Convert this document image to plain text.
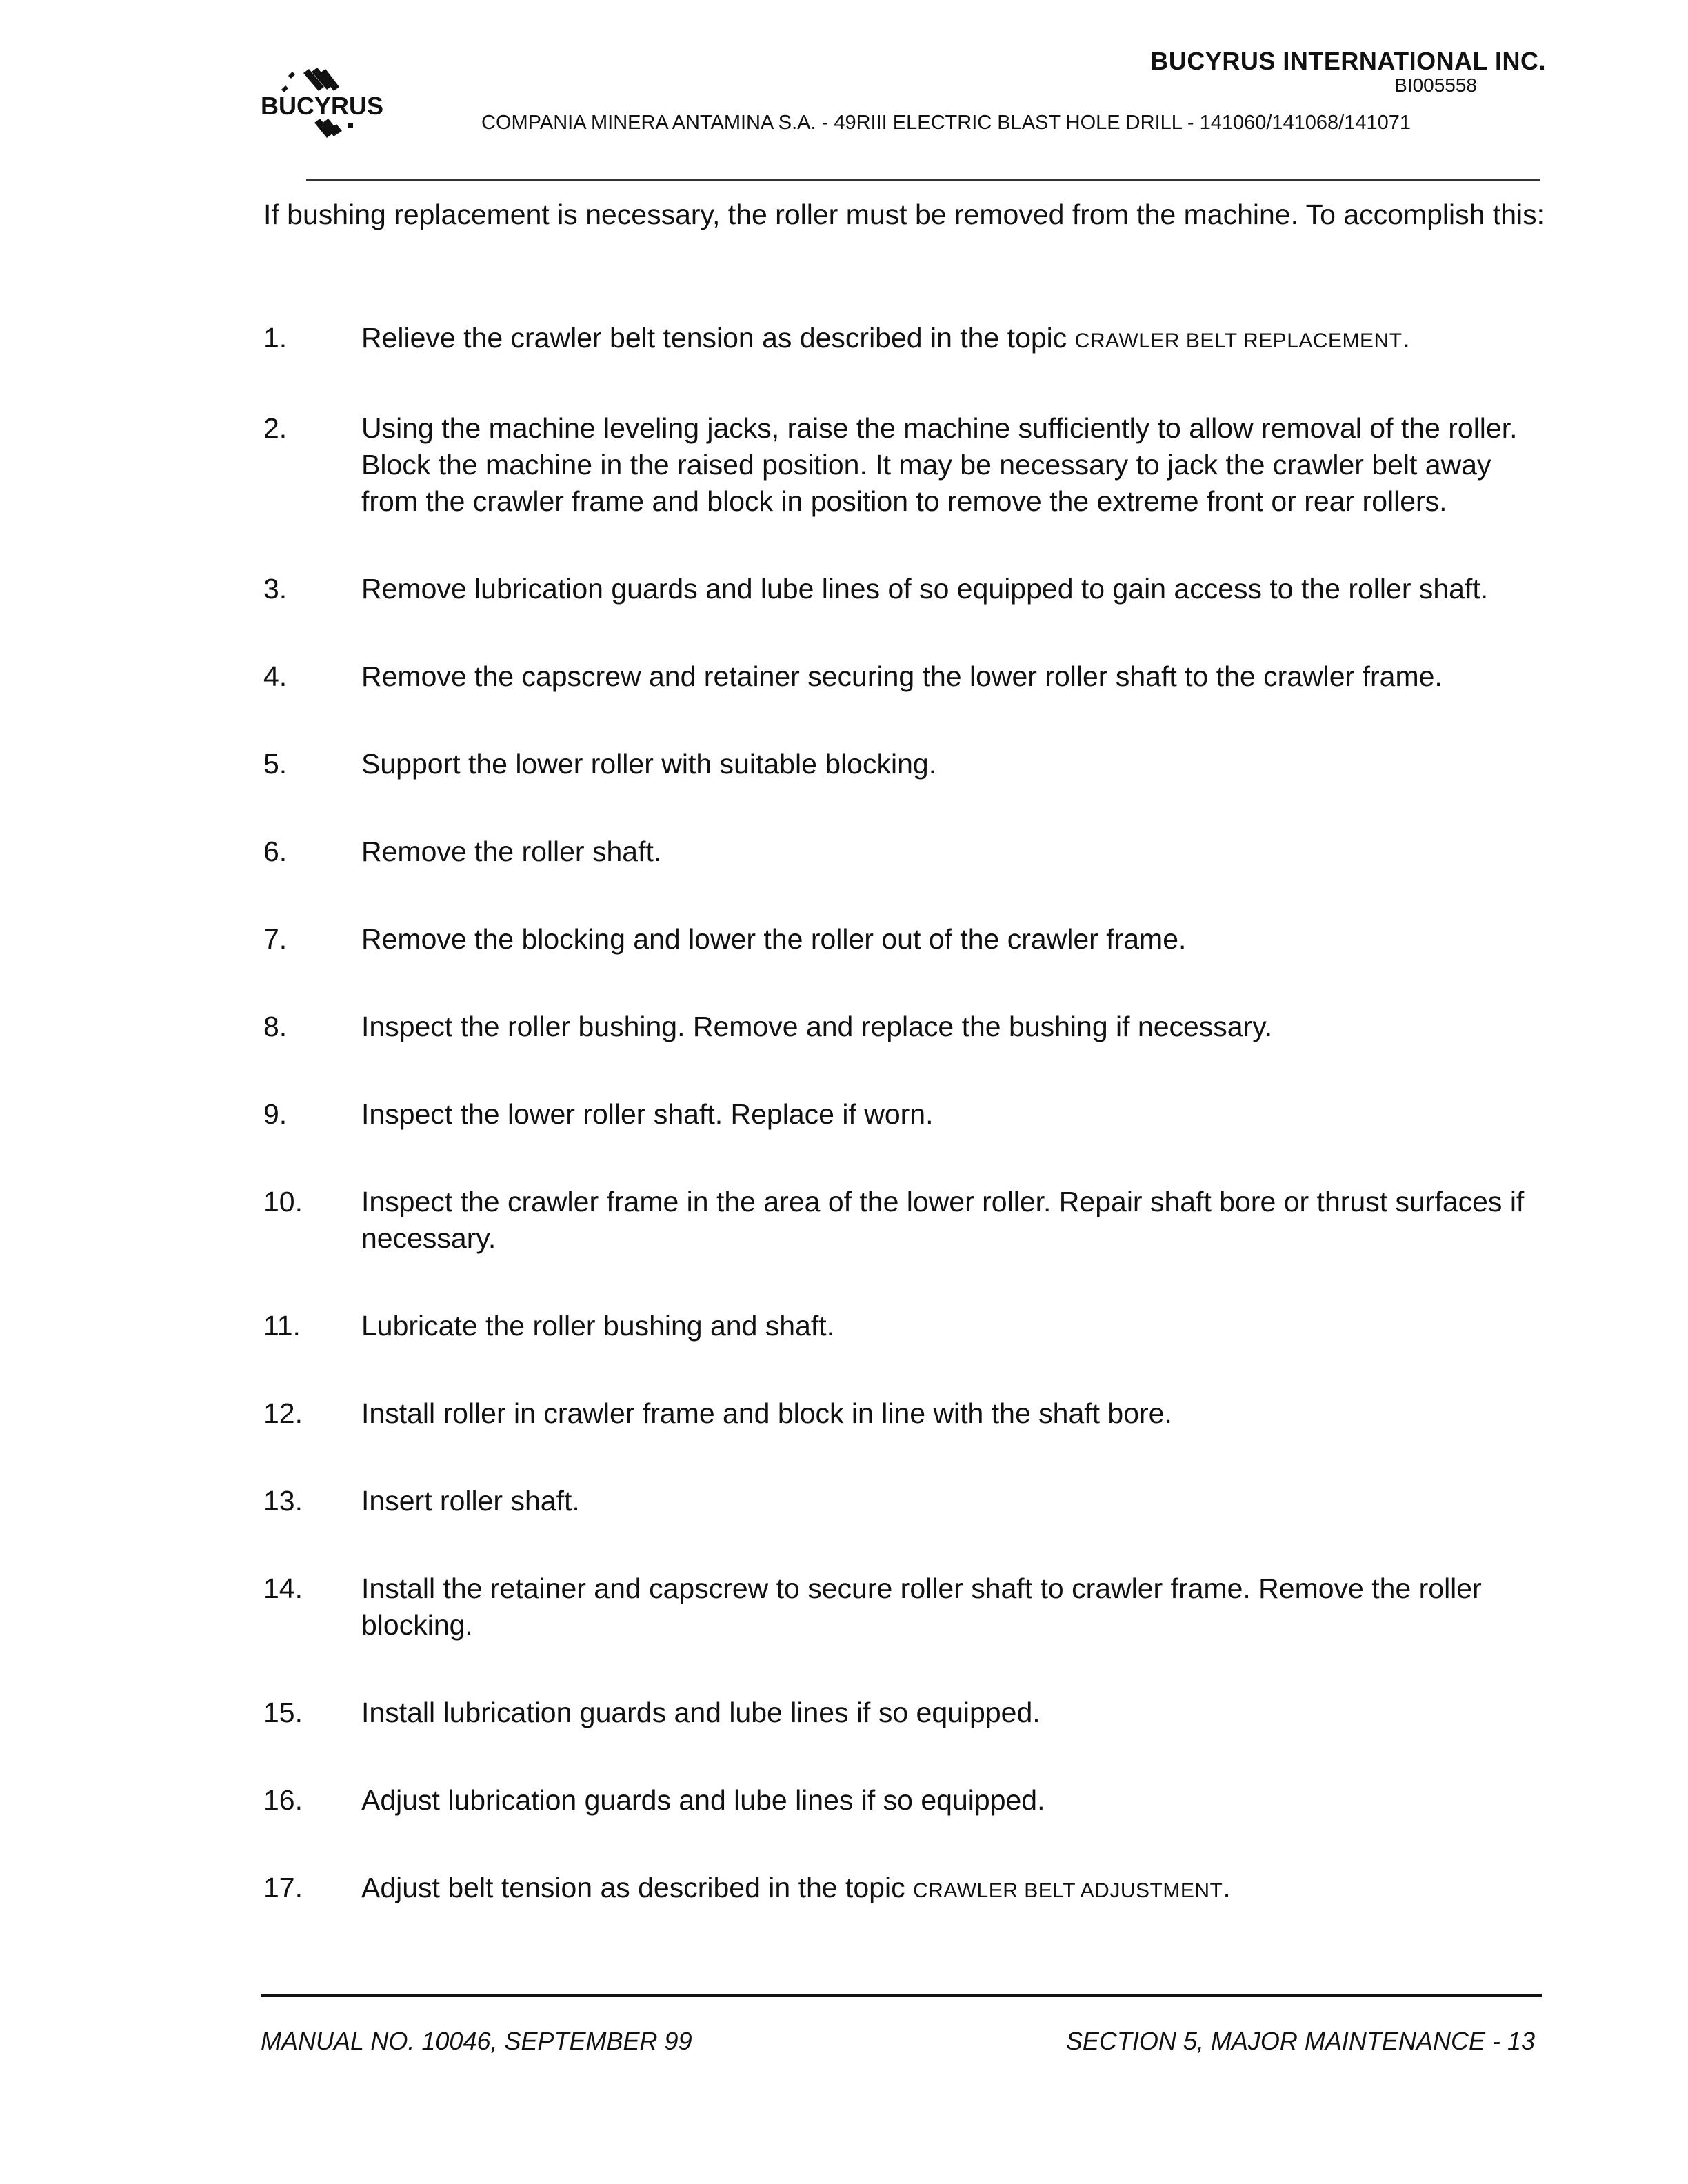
BUCYRUS
BUCYRUS INTERNATIONAL INC.
BI005558
COMPANIA MINERA ANTAMINA S.A. - 49RIII ELECTRIC BLAST HOLE DRILL - 141060/141068/141071

If bushing replacement is necessary, the roller must be removed from the machine. To accomplish this:

1.	Relieve the crawler belt tension as described in the topic CRAWLER BELT REPLACEMENT.
2.	Using the machine leveling jacks, raise the machine sufficiently to allow removal of the roller. Block the machine in the raised position. It may be necessary to jack the crawler belt away from the crawler frame and block in position to remove the extreme front or rear rollers.
3.	Remove lubrication guards and lube lines of so equipped to gain access to the roller shaft.
4.	Remove the capscrew and retainer securing the lower roller shaft to the crawler frame.
5.	Support the lower roller with suitable blocking.
6.	Remove the roller shaft.
7.	Remove the blocking and lower the roller out of the crawler frame.
8.	Inspect the roller bushing. Remove and replace the bushing if necessary.
9.	Inspect the lower roller shaft. Replace if worn.
10.	Inspect the crawler frame in the area of the lower roller. Repair shaft bore or thrust surfaces if necessary.
11.	Lubricate the roller bushing and shaft.
12.	Install roller in crawler frame and block in line with the shaft bore.
13.	Insert roller shaft.
14.	Install the retainer and capscrew to secure roller shaft to crawler frame. Remove the roller blocking.
15.	Install lubrication guards and lube lines if so equipped.
16.	Adjust lubrication guards and lube lines if so equipped.
17.	Adjust belt tension as described in the topic CRAWLER BELT ADJUSTMENT.
MANUAL NO. 10046, SEPTEMBER 99	SECTION 5, MAJOR MAINTENANCE - 13
